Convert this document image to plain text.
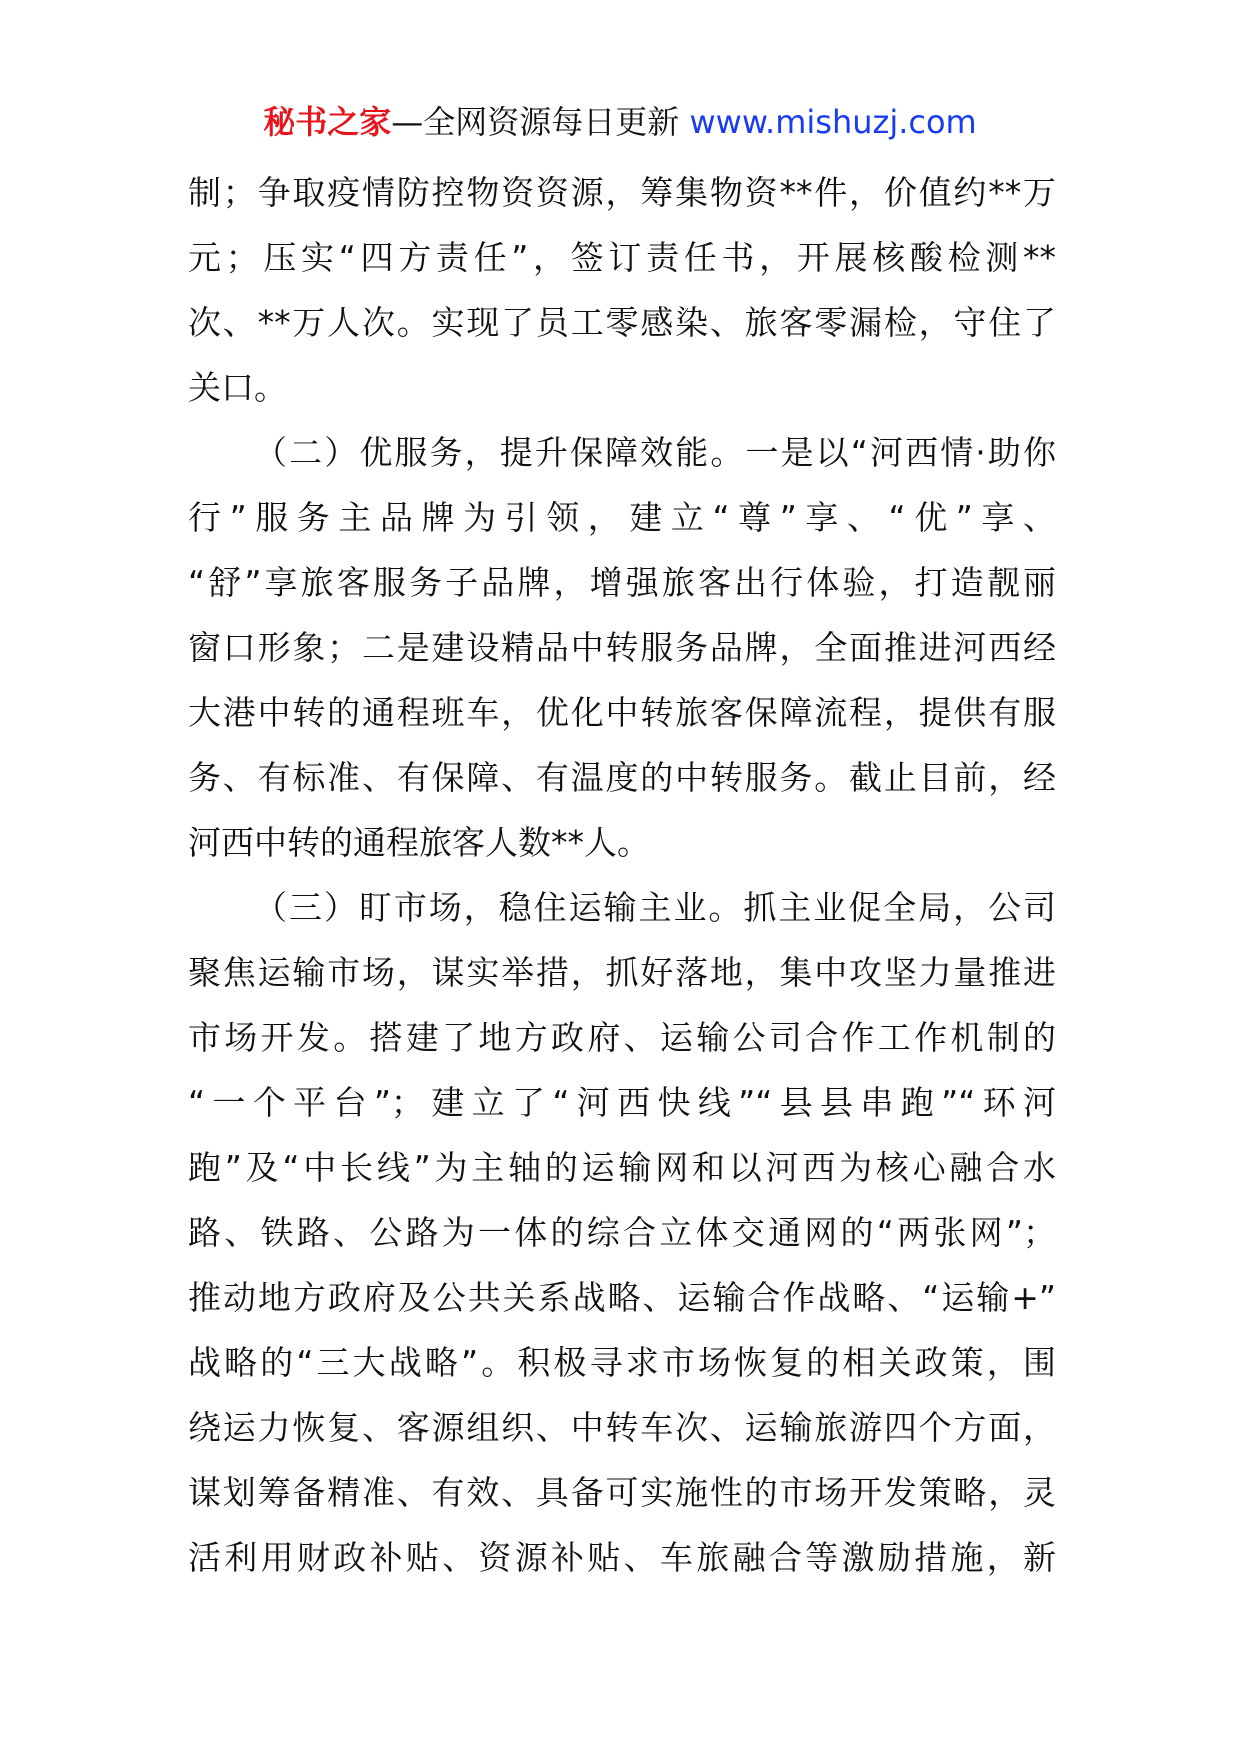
秘书之家—全网资源每日更新 www.mishuzj.com
制；争取疫情防控物资资源，筹集物资**件，价值约**万
元；压实“四方责任”，签订责任书，开展核酸检测**
次、**万人次。实现了员工零感染、旅客零漏检，守住了
关口。
（二）优服务，提升保障效能。一是以“河西情·助你
行”服务主品牌为引领，建立“尊”享、“优”享、
“舒”享旅客服务子品牌，增强旅客出行体验，打造靓丽
窗口形象；二是建设精品中转服务品牌，全面推进河西经
大港中转的通程班车，优化中转旅客保障流程，提供有服
务、有标准、有保障、有温度的中转服务。截止目前，经
河西中转的通程旅客人数**人。
（三）盯市场，稳住运输主业。抓主业促全局，公司
聚焦运输市场，谋实举措，抓好落地，集中攻坚力量推进
市场开发。搭建了地方政府、运输公司合作工作机制的
“一个平台”；建立了“河西快线”“县县串跑”“环河
跑”及“中长线”为主轴的运输网和以河西为核心融合水
路、铁路、公路为一体的综合立体交通网的“两张网”；
推动地方政府及公共关系战略、运输合作战略、“运输+”
战略的“三大战略”。积极寻求市场恢复的相关政策，围
绕运力恢复、客源组织、中转车次、运输旅游四个方面，
谋划筹备精准、有效、具备可实施性的市场开发策略，灵
活利用财政补贴、资源补贴、车旅融合等激励措施，新
